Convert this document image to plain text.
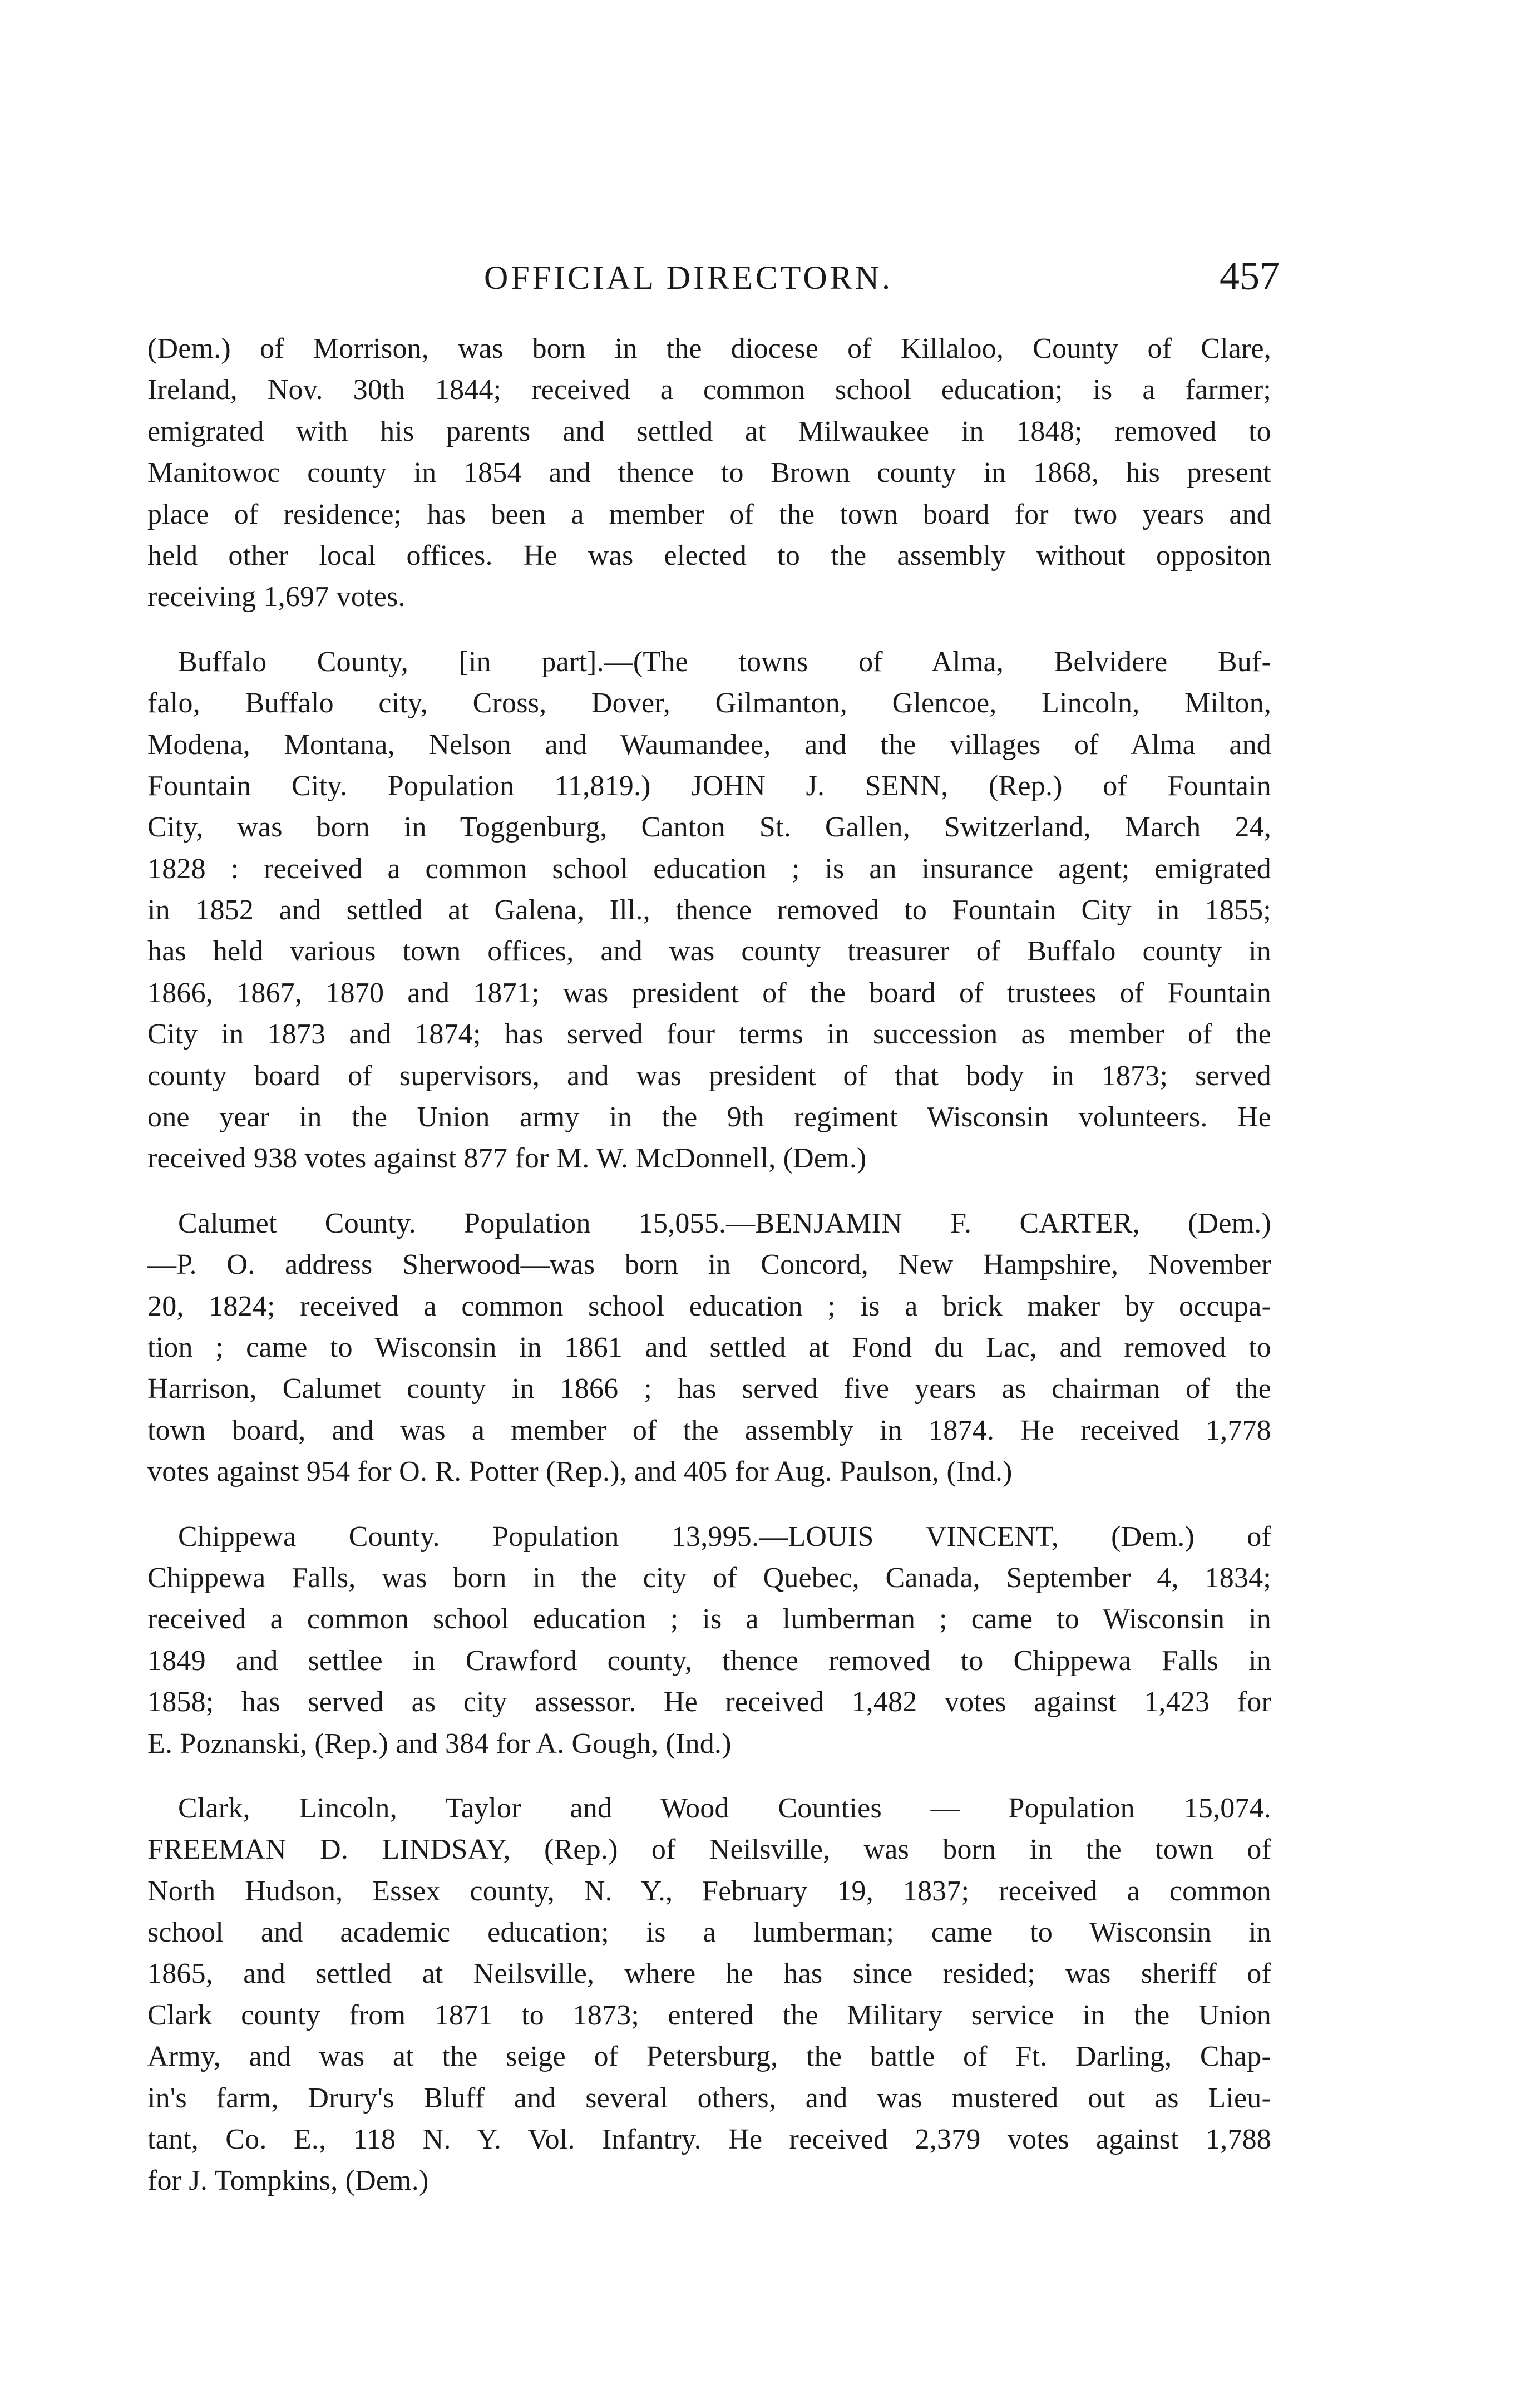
OFFICIAL DIRECTORN.	457
(Dem.) of Morrison, was born in the diocese of Killaloo, County of Clare,
Ireland, Nov. 30th 1844; received a common school education; is a farmer;
emigrated with his parents and settled at Milwaukee in 1848; removed to
Manitowoc county in 1854 and thence to Brown county in 1868, his present
place of residence; has been a member of the town board for two years and
held other local offices. He was elected to the assembly without oppositon
receiving 1,697 votes.
Buffalo County, [in part].—(The towns of Alma, Belvidere Buf-
falo, Buffalo city, Cross, Dover, Gilmanton, Glencoe, Lincoln, Milton,
Modena, Montana, Nelson and Waumandee, and the villages of Alma and
Fountain City. Population 11,819.) JOHN J. SENN, (Rep.) of Fountain
City, was born in Toggenburg, Canton St. Gallen, Switzerland, March 24,
1828 : received a common school education ; is an insurance agent; emigrated
in 1852 and settled at Galena, Ill., thence removed to Fountain City in 1855;
has held various town offices, and was county treasurer of Buffalo county in
1866, 1867, 1870 and 1871; was president of the board of trustees of Fountain
City in 1873 and 1874; has served four terms in succession as member of the
county board of supervisors, and was president of that body in 1873; served
one year in the Union army in the 9th regiment Wisconsin volunteers. He
received 938 votes against 877 for M. W. McDonnell, (Dem.)
Calumet County. Population 15,055.—BENJAMIN F. CARTER, (Dem.)
—P. O. address Sherwood—was born in Concord, New Hampshire, November
20, 1824; received a common school education ; is a brick maker by occupa-
tion ; came to Wisconsin in 1861 and settled at Fond du Lac, and removed to
Harrison, Calumet county in 1866 ; has served five years as chairman of the
town board, and was a member of the assembly in 1874. He received 1,778
votes against 954 for O. R. Potter (Rep.), and 405 for Aug. Paulson, (Ind.)
Chippewa County. Population 13,995.—LOUIS VINCENT, (Dem.) of
Chippewa Falls, was born in the city of Quebec, Canada, September 4, 1834;
received a common school education ; is a lumberman ; came to Wisconsin in
1849 and settlee in Crawford county, thence removed to Chippewa Falls in
1858; has served as city assessor. He received 1,482 votes against 1,423 for
E. Poznanski, (Rep.) and 384 for A. Gough, (Ind.)
Clark, Lincoln, Taylor and Wood Counties — Population 15,074.
FREEMAN D. LINDSAY, (Rep.) of Neilsville, was born in the town of
North Hudson, Essex county, N. Y., February 19, 1837; received a common
school and academic education; is a lumberman; came to Wisconsin in
1865, and settled at Neilsville, where he has since resided; was sheriff of
Clark county from 1871 to 1873; entered the Military service in the Union
Army, and was at the seige of Petersburg, the battle of Ft. Darling, Chap-
in's farm, Drury's Bluff and several others, and was mustered out as Lieu-
tant, Co. E., 118 N. Y. Vol. Infantry. He received 2,379 votes against 1,788
for J. Tompkins, (Dem.)
